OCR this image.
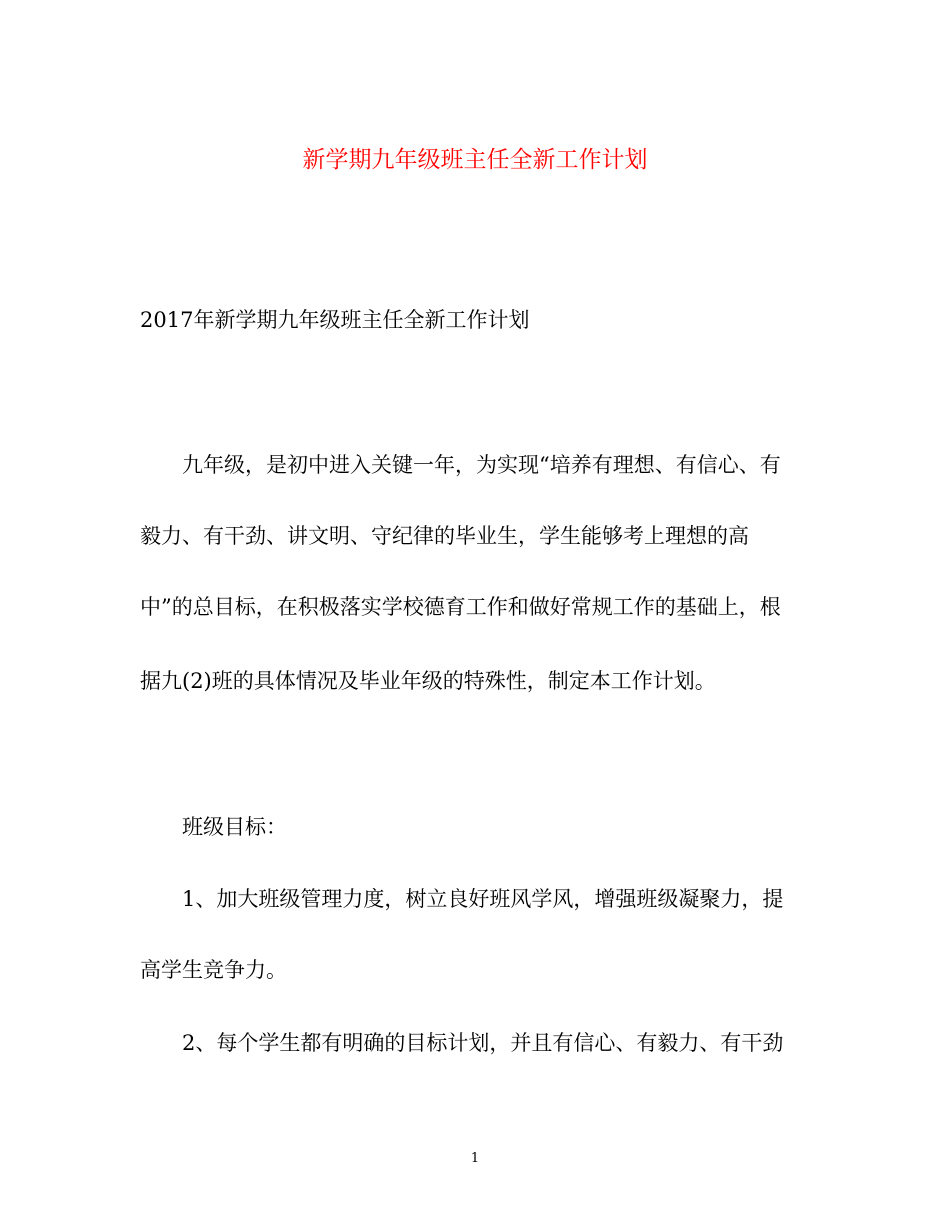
新学期九年级班主任全新工作计划

2017年新学期九年级班主任全新工作计划

九年级，是初中进入关键一年，为实现“培养有理想、有信心、有

毅力、有干劲、讲文明、守纪律的毕业生，学生能够考上理想的高

中”的总目标，在积极落实学校德育工作和做好常规工作的基础上，根

据九(2)班的具体情况及毕业年级的特殊性，制定本工作计划。

班级目标：

1、加大班级管理力度，树立良好班风学风，增强班级凝聚力，提

高学生竞争力。

2、每个学生都有明确的目标计划，并且有信心、有毅力、有干劲

1
